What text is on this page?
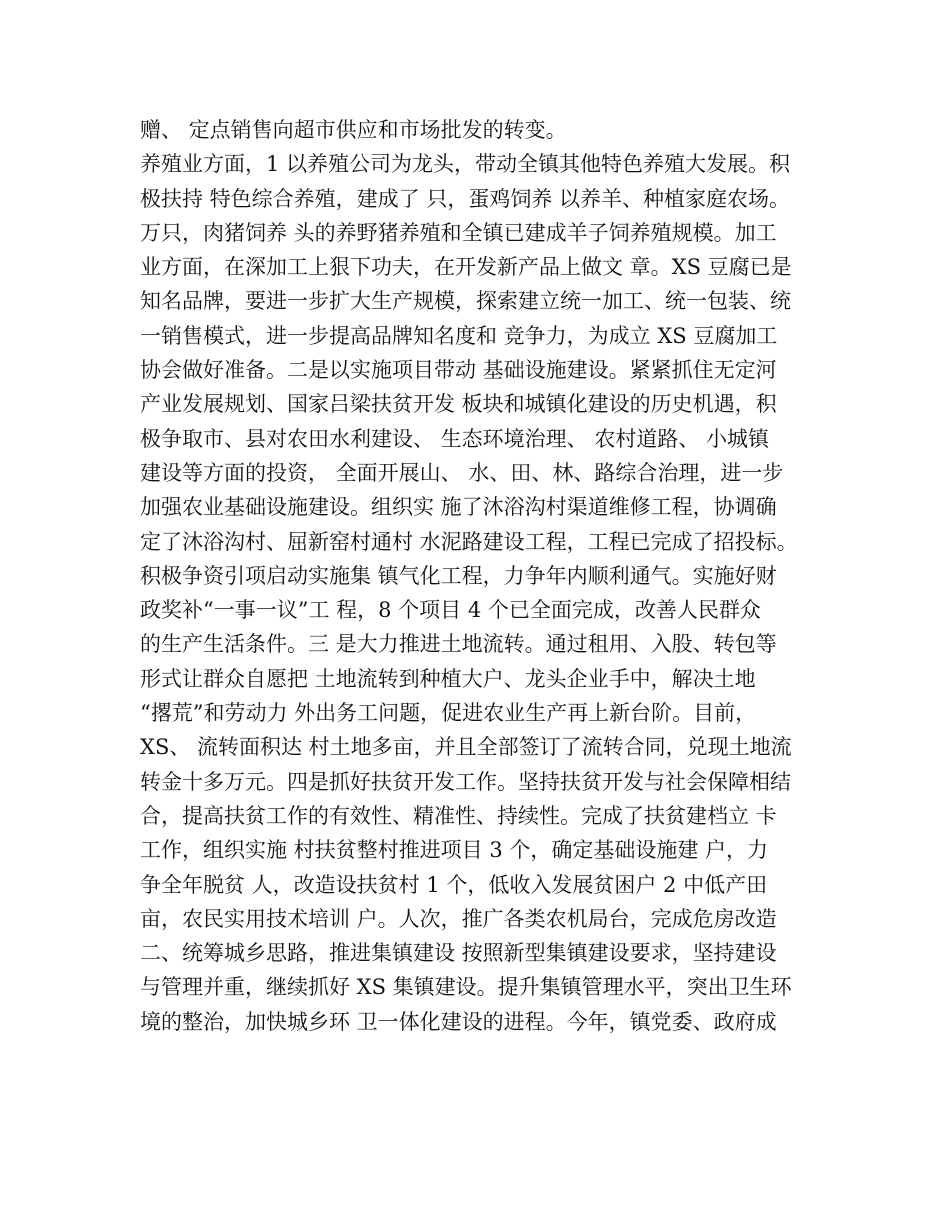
赠、 定点销售向超市供应和市场批发的转变。
养殖业方面，1 以养殖公司为龙头，带动全镇其他特色养殖大发展。积
极扶持 特色综合养殖，建成了 只，蛋鸡饲养 以养羊、种植家庭农场。
万只，肉猪饲养 头的养野猪养殖和全镇已建成羊子饲养殖规模。加工
业方面，在深加工上狠下功夫，在开发新产品上做文 章。XS 豆腐已是
知名品牌，要进一步扩大生产规模，探索建立统一加工、统一包装、统
一销售模式，进一步提高品牌知名度和 竞争力，为成立 XS 豆腐加工
协会做好准备。二是以实施项目带动 基础设施建设。紧紧抓住无定河
产业发展规划、国家吕梁扶贫开发 板块和城镇化建设的历史机遇，积
极争取市、县对农田水利建设、 生态环境治理、 农村道路、 小城镇
建设等方面的投资， 全面开展山、 水、田、林、路综合治理，进一步
加强农业基础设施建设。组织实 施了沐浴沟村渠道维修工程，协调确
定了沐浴沟村、屈新窑村通村 水泥路建设工程，工程已完成了招投标。
积极争资引项启动实施集 镇气化工程，力争年内顺利通气。实施好财
政奖补“一事一议”工 程，8 个项目 4 个已全面完成，改善人民群众
的生产生活条件。三 是大力推进土地流转。通过租用、入股、转包等
形式让群众自愿把 土地流转到种植大户、龙头企业手中，解决土地
“撂荒”和劳动力 外出务工问题，促进农业生产再上新台阶。目前，
XS、 流转面积达 村土地多亩，并且全部签订了流转合同，兑现土地流
转金十多万元。四是抓好扶贫开发工作。坚持扶贫开发与社会保障相结
合，提高扶贫工作的有效性、精准性、持续性。完成了扶贫建档立 卡
工作，组织实施 村扶贫整村推进项目 3 个，确定基础设施建 户，力
争全年脱贫 人，改造设扶贫村 1 个，低收入发展贫困户 2 中低产田
亩，农民实用技术培训 户。人次，推广各类农机局台，完成危房改造
二、统筹城乡思路，推进集镇建设 按照新型集镇建设要求，坚持建设
与管理并重，继续抓好 XS 集镇建设。提升集镇管理水平，突出卫生环
境的整治，加快城乡环 卫一体化建设的进程。今年，镇党委、政府成
